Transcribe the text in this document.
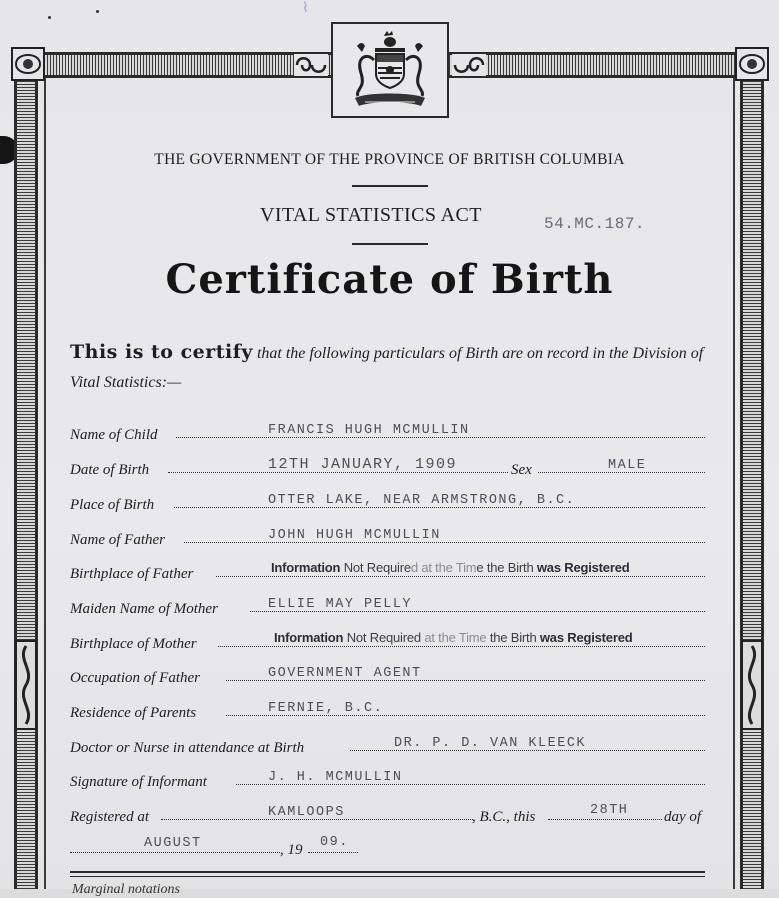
⌇
THE GOVERNMENT OF THE PROVINCE OF BRITISH COLUMBIA
VITAL STATISTICS ACT	54.MC.187.
Certificate of Birth
This is to certify that the following particulars of Birth are on record in the Division of Vital Statistics:—
Name of Child	FRANCIS HUGH MCMULLIN
Date of Birth	12TH JANUARY, 1909	Sex	MALE
Place of Birth	OTTER LAKE, NEAR ARMSTRONG, B.C.
Name of Father	JOHN HUGH MCMULLIN
Birthplace of Father	Information Not Required at the Time the Birth was Registered
Maiden Name of Mother	ELLIE MAY PELLY
Birthplace of Mother	Information Not Required at the Time the Birth was Registered
Occupation of Father	GOVERNMENT AGENT
Residence of Parents	FERNIE, B.C.
Doctor or Nurse in attendance at Birth	DR. P. D. VAN KLEECK
Signature of Informant	J. H. MCMULLIN
Registered at	KAMLOOPS	, B.C., this	28TH day of
AUGUST	, 19 09.
Marginal notations
